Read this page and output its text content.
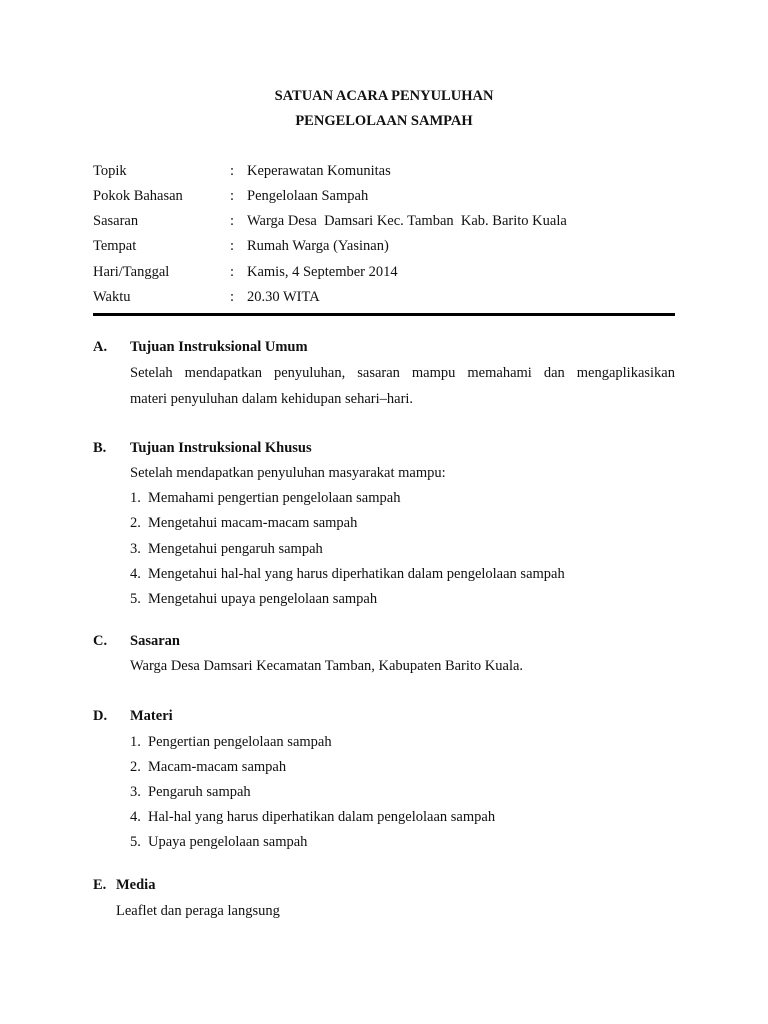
SATUAN ACARA PENYULUHAN
PENGELOLAAN SAMPAH
Topik	: Keperawatan Komunitas
Pokok Bahasan	: Pengelolaan Sampah
Sasaran	: Warga Desa  Damsari Kec. Tamban  Kab. Barito Kuala
Tempat	: Rumah Warga (Yasinan)
Hari/Tanggal	: Kamis, 4 September 2014
Waktu	: 20.30 WITA
A. Tujuan Instruksional Umum
Setelah mendapatkan penyuluhan, sasaran mampu memahami dan mengaplikasikan
materi penyuluhan dalam kehidupan sehari–hari.
B. Tujuan Instruksional Khusus
Setelah mendapatkan penyuluhan masyarakat mampu:
1. Memahami pengertian pengelolaan sampah
2. Mengetahui macam-macam sampah
3. Mengetahui pengaruh sampah
4. Mengetahui hal-hal yang harus diperhatikan dalam pengelolaan sampah
5. Mengetahui upaya pengelolaan sampah
C. Sasaran
Warga Desa Damsari Kecamatan Tamban, Kabupaten Barito Kuala.
D. Materi
1. Pengertian pengelolaan sampah
2. Macam-macam sampah
3. Pengaruh sampah
4. Hal-hal yang harus diperhatikan dalam pengelolaan sampah
5. Upaya pengelolaan sampah
E. Media
Leaflet dan peraga langsung
